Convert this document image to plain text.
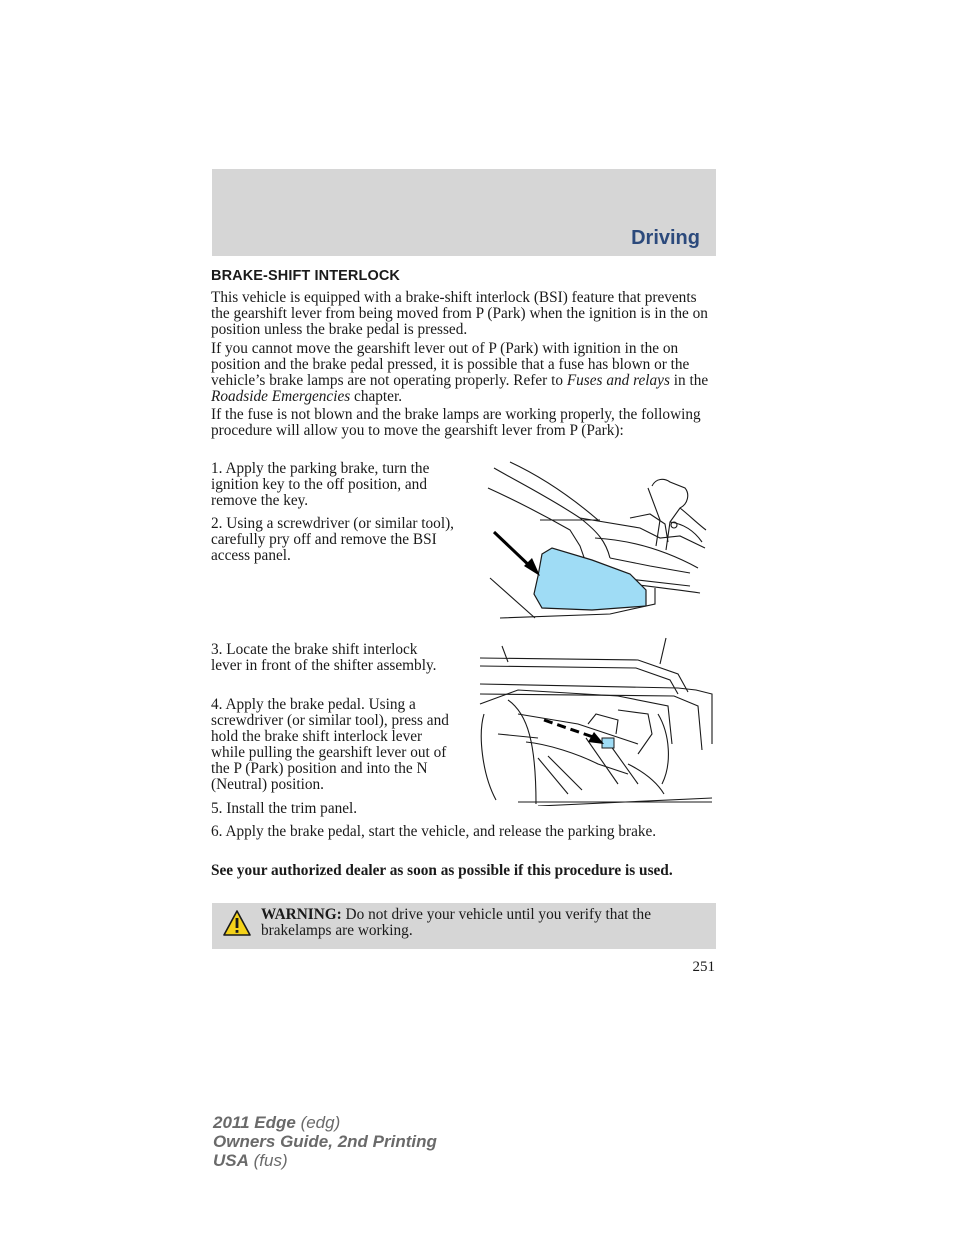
Driving
BRAKE-SHIFT INTERLOCK

This vehicle is equipped with a brake-shift interlock (BSI) feature that prevents the gearshift lever from being moved from P (Park) when the ignition is in the on position unless the brake pedal is pressed.

If you cannot move the gearshift lever out of P (Park) with ignition in the on position and the brake pedal pressed, it is possible that a fuse has blown or the vehicle’s brake lamps are not operating properly. Refer to Fuses and relays in the Roadside Emergencies chapter.

If the fuse is not blown and the brake lamps are working properly, the following procedure will allow you to move the gearshift lever from P (Park):

1. Apply the parking brake, turn the ignition key to the off position, and remove the key.
2. Using a screwdriver (or similar tool), carefully pry off and remove the BSI access panel.
3. Locate the brake shift interlock lever in front of the shifter assembly.
4. Apply the brake pedal. Using a screwdriver (or similar tool), press and hold the brake shift interlock lever while pulling the gearshift lever out of the P (Park) position and into the N (Neutral) position.
5. Install the trim panel.
6. Apply the brake pedal, start the vehicle, and release the parking brake.
See your authorized dealer as soon as possible if this procedure is used.
WARNING: Do not drive your vehicle until you verify that the brakelamps are working.
251
2011 Edge (edg)
Owners Guide, 2nd Printing
USA (fus)
